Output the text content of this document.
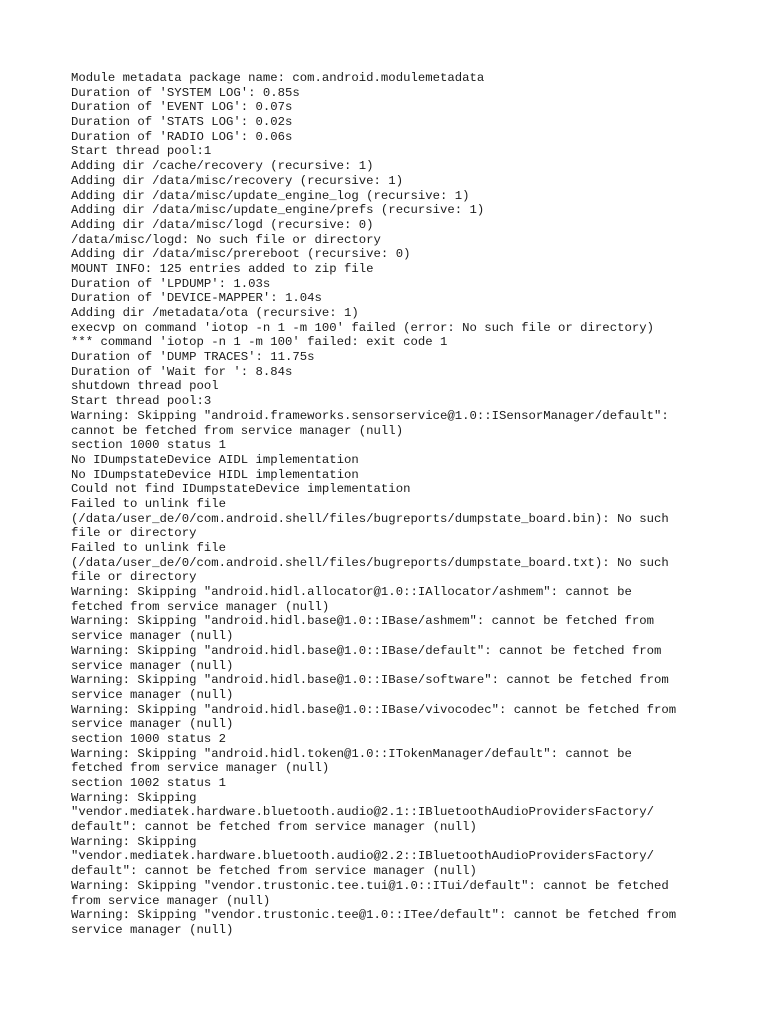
Module metadata package name: com.android.modulemetadata
Duration of 'SYSTEM LOG': 0.85s
Duration of 'EVENT LOG': 0.07s
Duration of 'STATS LOG': 0.02s
Duration of 'RADIO LOG': 0.06s
Start thread pool:1
Adding dir /cache/recovery (recursive: 1)
Adding dir /data/misc/recovery (recursive: 1)
Adding dir /data/misc/update_engine_log (recursive: 1)
Adding dir /data/misc/update_engine/prefs (recursive: 1)
Adding dir /data/misc/logd (recursive: 0)
/data/misc/logd: No such file or directory
Adding dir /data/misc/prereboot (recursive: 0)
MOUNT INFO: 125 entries added to zip file
Duration of 'LPDUMP': 1.03s
Duration of 'DEVICE-MAPPER': 1.04s
Adding dir /metadata/ota (recursive: 1)
execvp on command 'iotop -n 1 -m 100' failed (error: No such file or directory)
*** command 'iotop -n 1 -m 100' failed: exit code 1
Duration of 'DUMP TRACES': 11.75s
Duration of 'Wait for ': 8.84s
shutdown thread pool
Start thread pool:3
Warning: Skipping "android.frameworks.sensorservice@1.0::ISensorManager/default":
cannot be fetched from service manager (null)
section 1000 status 1
No IDumpstateDevice AIDL implementation
No IDumpstateDevice HIDL implementation
Could not find IDumpstateDevice implementation
Failed to unlink file
(/data/user_de/0/com.android.shell/files/bugreports/dumpstate_board.bin): No such
file or directory
Failed to unlink file
(/data/user_de/0/com.android.shell/files/bugreports/dumpstate_board.txt): No such
file or directory
Warning: Skipping "android.hidl.allocator@1.0::IAllocator/ashmem": cannot be
fetched from service manager (null)
Warning: Skipping "android.hidl.base@1.0::IBase/ashmem": cannot be fetched from
service manager (null)
Warning: Skipping "android.hidl.base@1.0::IBase/default": cannot be fetched from
service manager (null)
Warning: Skipping "android.hidl.base@1.0::IBase/software": cannot be fetched from
service manager (null)
Warning: Skipping "android.hidl.base@1.0::IBase/vivocodec": cannot be fetched from
service manager (null)
section 1000 status 2
Warning: Skipping "android.hidl.token@1.0::ITokenManager/default": cannot be
fetched from service manager (null)
section 1002 status 1
Warning: Skipping
"vendor.mediatek.hardware.bluetooth.audio@2.1::IBluetoothAudioProvidersFactory/
default": cannot be fetched from service manager (null)
Warning: Skipping
"vendor.mediatek.hardware.bluetooth.audio@2.2::IBluetoothAudioProvidersFactory/
default": cannot be fetched from service manager (null)
Warning: Skipping "vendor.trustonic.tee.tui@1.0::ITui/default": cannot be fetched
from service manager (null)
Warning: Skipping "vendor.trustonic.tee@1.0::ITee/default": cannot be fetched from
service manager (null)
